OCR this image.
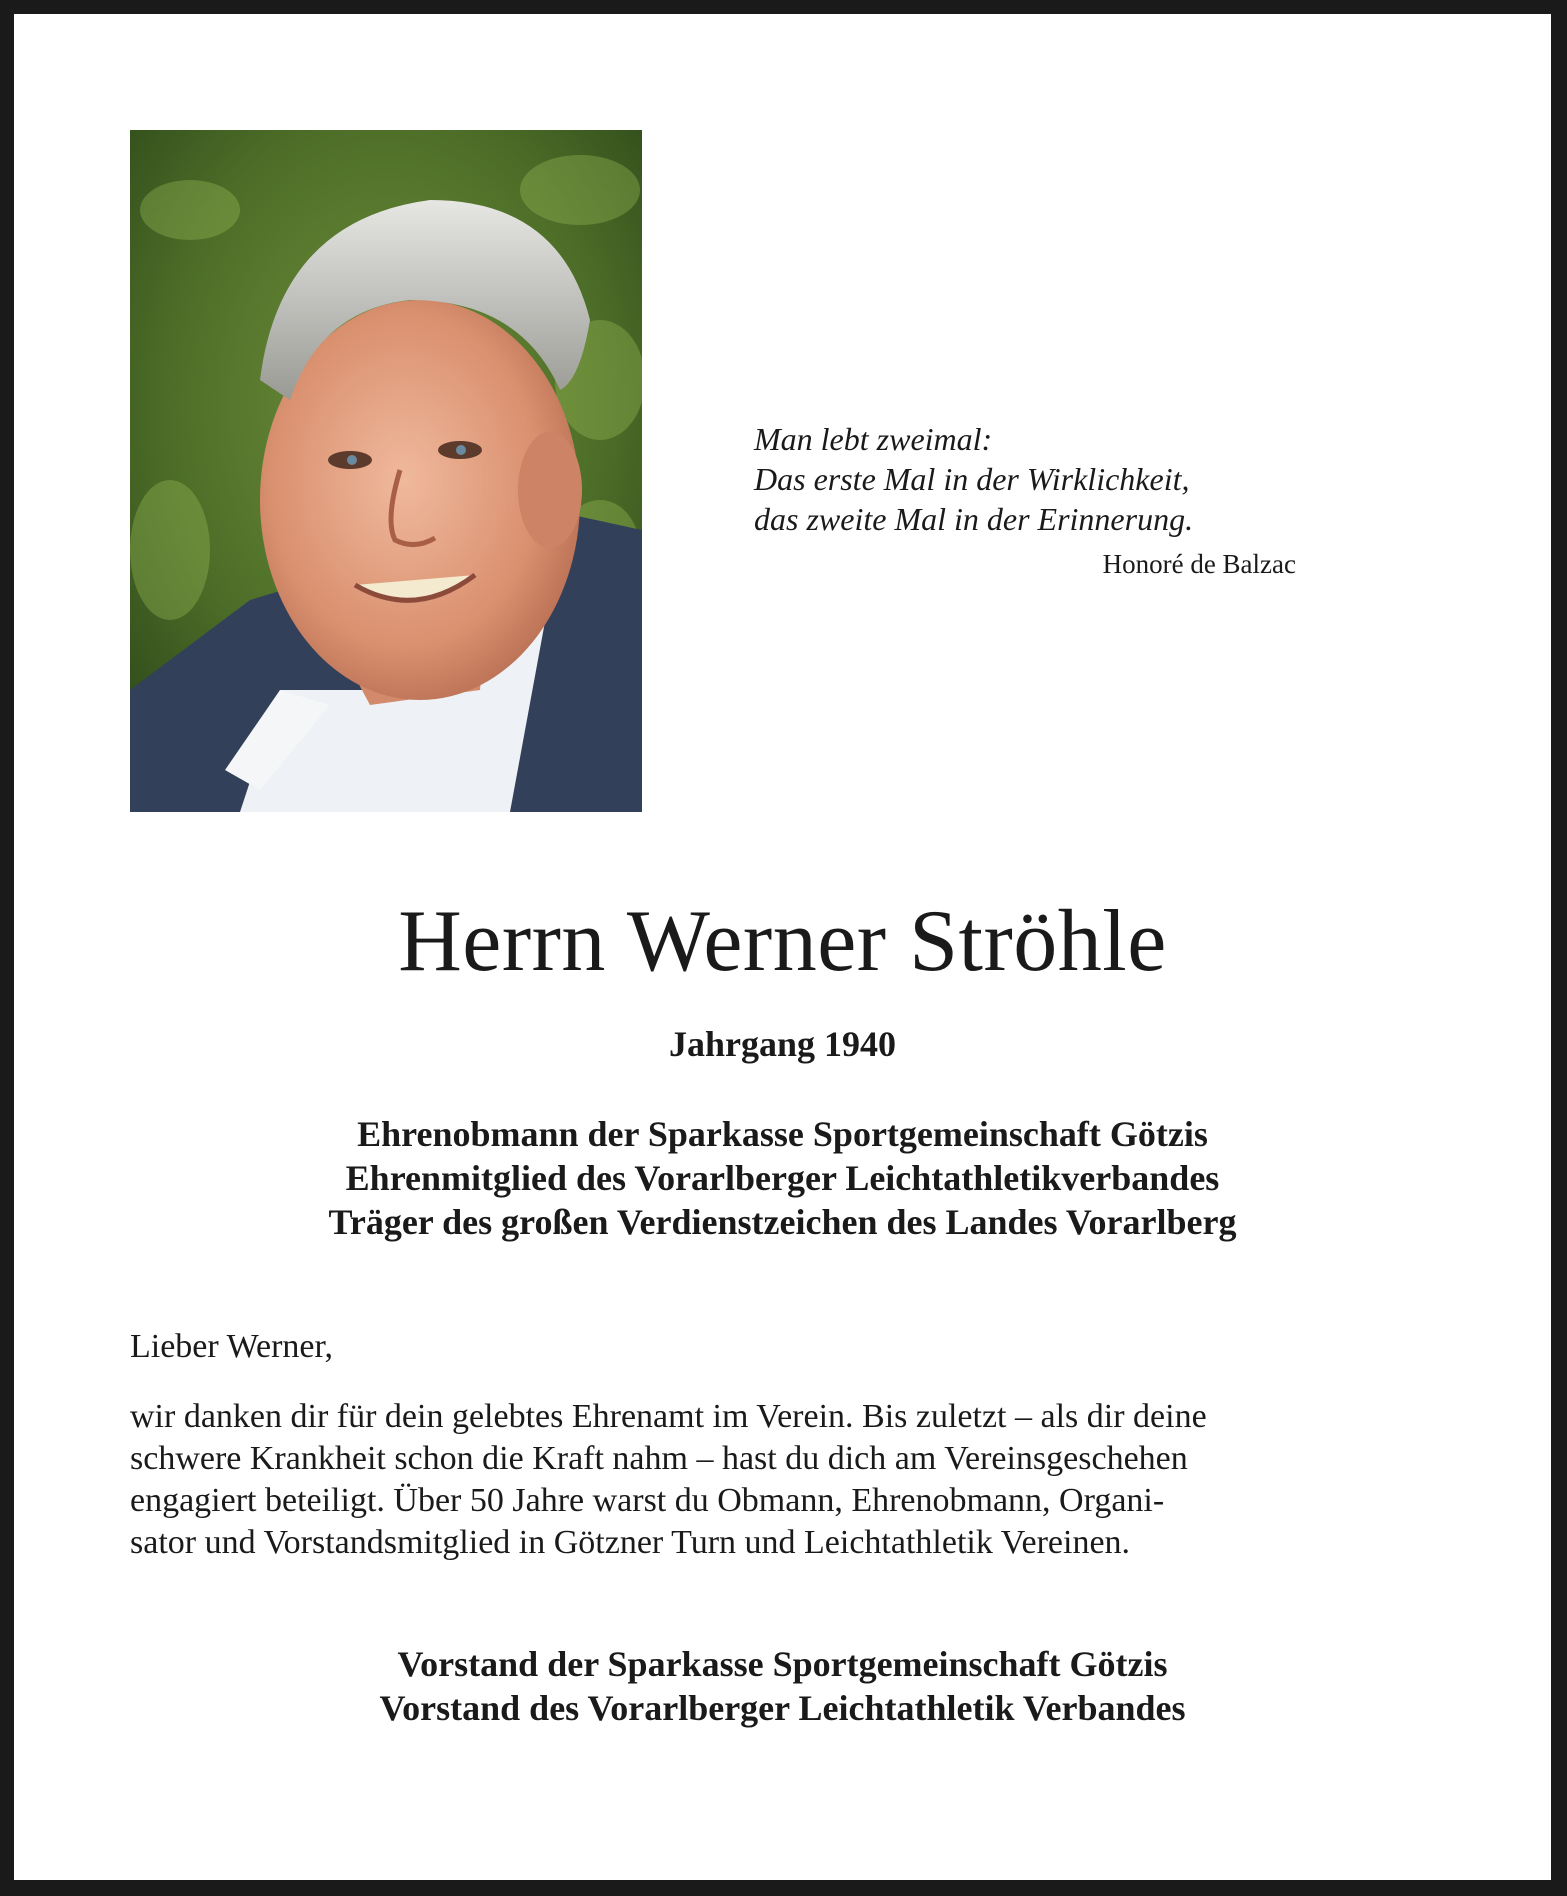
Man lebt zweimal:
Das erste Mal in der Wirklichkeit,
das zweite Mal in der Erinnerung.
Honoré de Balzac
Herrn Werner Ströhle
Jahrgang 1940
Ehrenobmann der Sparkasse Sportgemeinschaft Götzis
Ehrenmitglied des Vorarlberger Leichtathletikverbandes
Träger des großen Verdienstzeichen des Landes Vorarlberg
Lieber Werner,
wir danken dir für dein gelebtes Ehrenamt im Verein. Bis zuletzt – als dir deine
schwere Krankheit schon die Kraft nahm – hast du dich am Vereinsgeschehen
engagiert beteiligt. Über 50 Jahre warst du Obmann, Ehrenobmann, Organi-
sator und Vorstandsmitglied in Götzner Turn und Leichtathletik Vereinen.
Vorstand der Sparkasse Sportgemeinschaft Götzis
Vorstand des Vorarlberger Leichtathletik Verbandes
